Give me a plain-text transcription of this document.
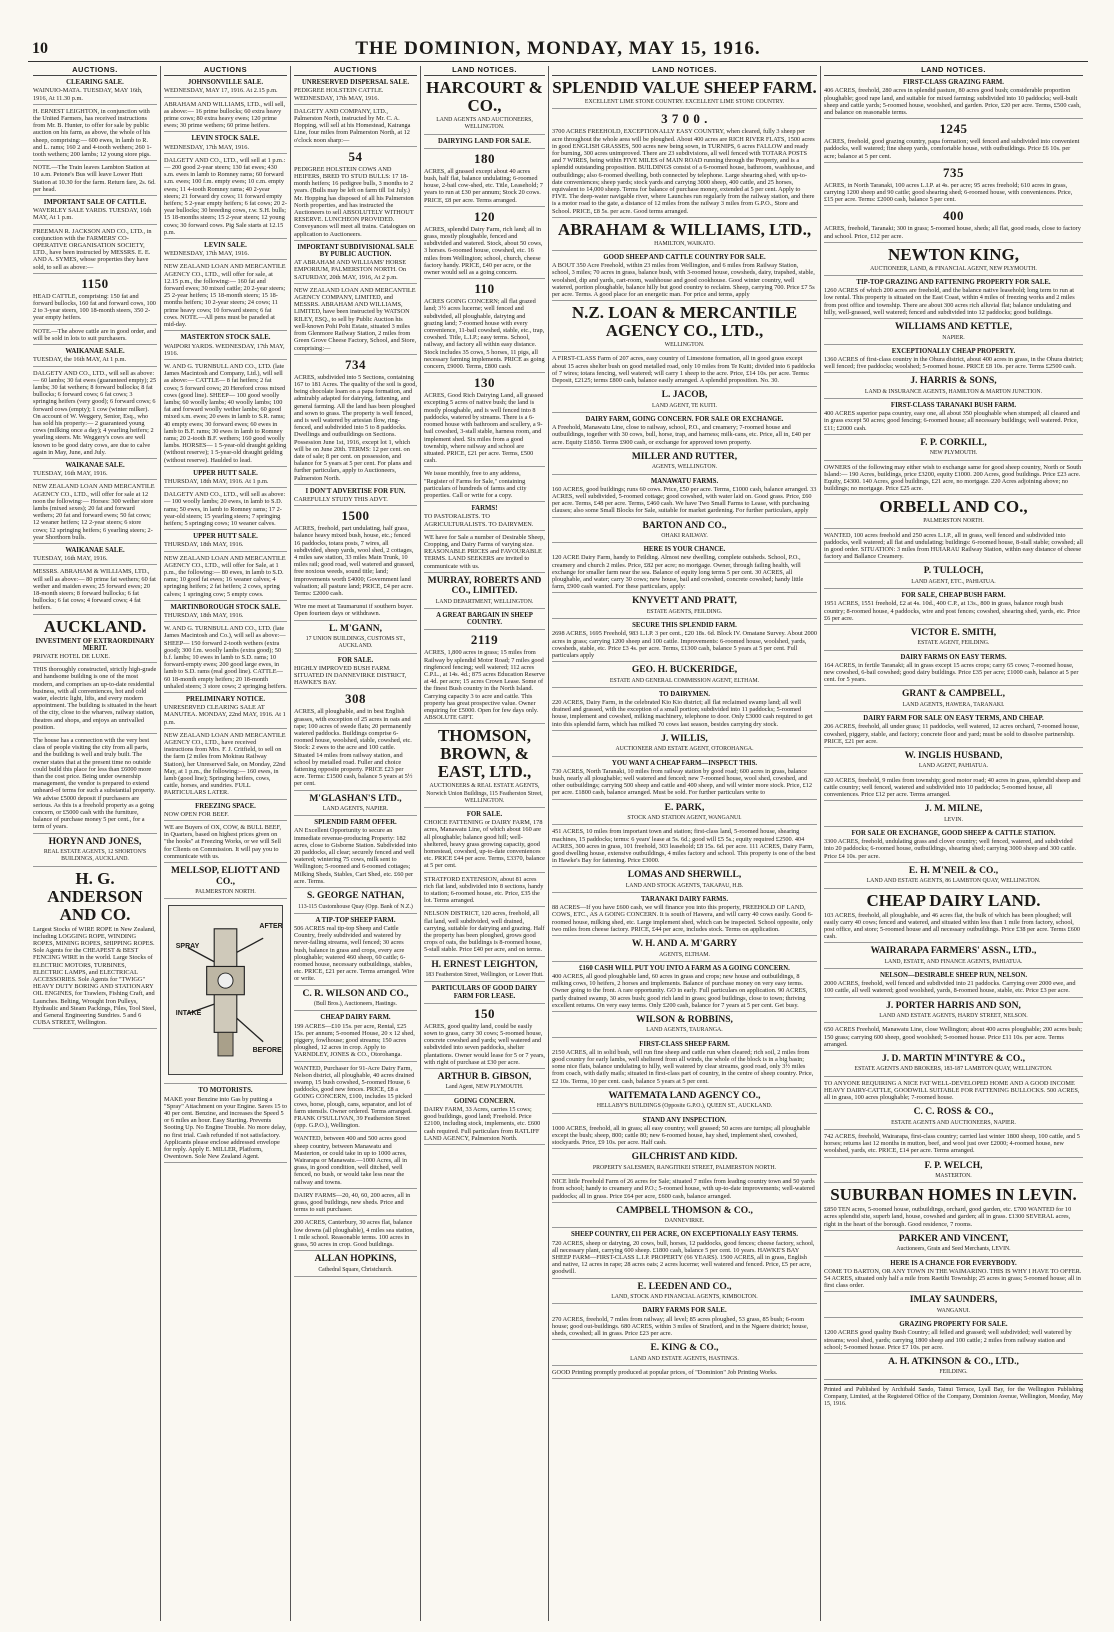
10	THE DOMINION, MONDAY, MAY 15, 1916.
AUCTIONS.
CLEARING SALE.
WAINUIO-MATA. TUESDAY, MAY 16th, 1916, At 11.30 p.m.
H. ERNEST LEIGHTON, in conjunction with the United Farmers, has received instructions from Mr. B. Hunter, to offer for sale by public auction on his farm, as above, the whole of his sheep, comprising:— 600 ewes, in lamb to R. and L. rams; 160 2 and 4-tooth wethers; 260 1-tooth wethers; 200 lambs; 12 young store pigs.
NOTE.—The Train leaves Lambton Station at 10 a.m. Petone's Bus will leave Lower Hutt Station at 10.30 for the farm. Return fare, 2s. 6d. per head.
IMPORTANT SALE OF CATTLE.
WAVERLEY SALE YARDS. TUESDAY, 16th MAY, At 1 p.m.
FREEMAN R. JACKSON AND CO., LTD., in conjunction with the FARMERS' CO-OPERATIVE ORGANISATION SOCIETY, LTD., have been instructed by MESSRS. E. E. AND A. SYMES, whose properties they have sold, to sell as above:—
1150
HEAD CATTLE, comprising: 150 fat and forward bullocks, 160 fat and forward cows, 100 2 to 3-year steers, 100 18-month steers, 350 2-year empty heifers.
NOTE.—The above cattle are in good order, and will be sold in lots to suit purchasers.
WAIKANAE SALE.
TUESDAY, the 16th MAY, At 1 p.m.
DALGETY AND CO., LTD., will sell as above:— 60 lambs; 30 fat ewes (guaranteed empty); 25 lambs; 30 fat wethers; 8 forward bullocks; 8 fat bullocks; 6 forward cows; 6 fat cows; 3 springing heifers (very good); 6 forward cows; 6 forward cows (empty); 1 cow (winter milker). On account of W. Weggery, Senior, Esq., who has sold his property:— 2 guaranteed young cows (milking once a day); 4 yearling heifers; 2 yearling steers. Mr. Weggery's cows are well known to be good dairy cows, are due to calve again in May, June, and July.
WAIKANAE SALE.
TUESDAY, 16th MAY, 1916.
NEW ZEALAND LOAN AND MERCANTILE AGENCY CO., LTD., will offer for sale at 12 noon the following:— Horses: 300 wether store lambs (mixed sexes); 20 fat and forward wethers; 20 fat and forward ewes; 50 fat cows; 12 weaner heifers; 12 2-year steers; 6 store cows; 12 springing heifers; 6 yearling steers; 2-year Shorthorn bulls.
WAIKANAE SALE.
TUESDAY, 16th MAY, 1916.
MESSRS. ABRAHAM & WILLIAMS, LTD., will sell as above:— 80 prime fat wethers; 60 fat wether and maiden ewes; 25 forward ewes; 20 18-month steers; 8 forward bullocks; 6 fat bullocks; 6 fat cows; 4 forward cows; 4 fat heifers.
AUCKLAND.
INVESTMENT OF EXTRAORDINARY MERIT.
PRIVATE HOTEL DE LUXE.
THIS thoroughly constructed, strictly high-grade and handsome building is one of the most modern, and comprises an up-to-date residential business, with all conveniences, hot and cold water, electric light, lifts, and every modern appointment. The building is situated in the heart of the city, close to the wharves, railway station, theatres and shops, and enjoys an unrivalled position.
The house has a connection with the very best class of people visiting the city from all parts, and the building is well and truly built. The owner states that at the present time no outside could build this place for less than £6000 more than the cost price. Being under ownership management, the vendor is prepared to extend unheard-of terms for such a substantial property. We advise £5000 deposit if purchasers are serious. As this is a freehold property as a going concern, or £5000 cash with the furniture, balance of purchase money 5 per cent., for a term of years.
HORYN AND JONES,
REAL ESTATE AGENTS, 12 SHORTON'S BUILDINGS, AUCKLAND.
H. G. ANDERSON AND CO.
Largest Stocks of WIRE ROPE in New Zealand, including LOGGING ROPE, WINDING ROPES, MINING ROPES, SHIPPING ROPES. Sole Agents for the CHEAPEST & BEST FENCING WIRE in the world. Large Stocks of ELECTRIC MOTORS, TURBINES, ELECTRIC LAMPS, and ELECTRICAL ACCESSORIES. Sole Agents for "TWIGG" HEAVY DUTY BORING AND STATIONARY OIL ENGINES, for Trawlers, Fishing Craft, and Launches. Belting, Wrought Iron Pulleys, Hydraulic and Steam Packings, Files, Tool Steel, and General Engineering Sundries. 5 and 6 CUBA STREET, Wellington.
AUCTIONS
JOHNSONVILLE SALE.
WEDNESDAY, MAY 17, 1916. At 2.15 p.m.
ABRAHAM AND WILLIAMS, LTD., will sell, as above:— 16 prime bullocks; 60 extra heavy prime cows; 80 extra heavy ewes; 120 prime ewes; 30 prime wethers; 60 prime heifers.
LEVIN STOCK SALE.
WEDNESDAY, 17th MAY, 1916.
DALGETY AND CO., LTD., will sell at 1 p.m.:— 200 good 2-year steers; 130 fat ewes; 430 s.m. ewes in lamb to Romney rams; 60 forward s.m. ewes; 100 f.m. empty ewes; 10 c.m. empty ewes; 11 4-tooth Romney rams; 40 2-year steers; 21 forward dry cows; 11 forward empty heifers; 5 2-year empty heifers; 6 fat cows; 20 2-year bullocks; 30 breeding cows, r.w. S.H. bulls; 15 18-months steers; 15 2-year steers; 12 young cows; 30 forward cows. Pig Sale starts at 12.15 p.m.
LEVIN SALE.
WEDNESDAY, 17th MAY, 1916.
NEW ZEALAND LOAN AND MERCANTILE AGENCY CO., LTD., will offer for sale, at 12.15 p.m., the following:— 160 fat and forward ewes; 30 mixed cattle; 20 2-year steers; 25 2-year heifers; 15 18-month steers; 15 18-months heifers; 10 2-year steers; 24 cows; 11 prime heavy cows; 10 forward steers; 6 fat cows. NOTE.—All pens must be paraded at mid-day.
MASTERTON STOCK SALE.
WAIPORI YARDS. WEDNESDAY, 17th MAY, 1916.
W. AND G. TURNBULL AND CO., LTD. (late James Macintosh and Company, Ltd.), will sell as above:— CATTLE— 8 fat heifers; 2 fat cows; 5 forward cows; 20 Hereford cross mixed cows (good line). SHEEP— 100 good woolly lambs; 60 woolly lambs; 40 woolly lambs; 100 fat and forward woolly wether lambs; 60 good mixed s.m. ewes; 20 ewes in lamb to S.R. rams; 40 empty ewes; 30 forward ewes; 60 ewes in lamb to B.F. rams; 30 ewes in lamb to Romney rams; 20 2-tooth B.F. wethers; 160 good woolly lambs. HORSES— 1 5-year-old draught gelding (without reserve); 1 5-year-old draught gelding (without reserve). Haulded to lead.
UPPER HUTT SALE.
THURSDAY, 18th MAY, 1916. At 1 p.m.
DALGETY AND CO., LTD., will sell as above:— 100 woolly lambs; 20 ewes, in lamb to S.D. rams; 50 ewes, in lamb to Romney rams; 17 2-year-old steers; 15 yearling steers; 7 springing heifers; 5 springing cows; 10 weaner calves.
UPPER HUTT SALE.
THURSDAY, 18th MAY, 1916.
NEW ZEALAND LOAN AND MERCANTILE AGENCY CO., LTD., will offer for Sale, at 1 p.m., the following:— 80 ewes, in lamb to S.D. rams; 10 good fat ewes; 16 weaner calves; 4 springing heifers; 2 fat heifers; 2 cows, spring calves; 1 springing cow; 5 empty cows.
MARTINBOROUGH STOCK SALE.
THURSDAY, 18th MAY, 1916.
W. AND G. TURNBULL AND CO., LTD. (late James Macintosh and Co.), will sell as above:— SHEEP— 150 forward 2-tooth wethers (extra good); 300 f.m. woolly lambs (extra good); 50 b.f. lambs; 10 ewes in lamb to S.D. rams; 10 forward-empty ewes; 200 good large ewes, in lamb to S.D. rams (real good line). CATTLE— 60 18-month empty heifers; 20 18-month unhaled steers; 3 store cows; 2 springing heifers.
PRELIMINARY NOTICE.
UNRESERVED CLEARING SALE AT MANUTEA. MONDAY, 22nd MAY, 1916. At 1 p.m.
NEW ZEALAND LOAN AND MERCANTILE AGENCY CO., LTD., have received instructions from Mrs. F. J. Critfield, to sell on the farm (2 miles from Mokirau Railway Station), her Unreserved Sale, on Monday, 22nd May, at 1 p.m., the following:— 160 ewes, in lamb (good line); Springing heifers, cows, cattle, horses, and sundries. FULL PARTICULARS LATER.
FREEZING SPACE.
NOW OPEN FOR BEEF.
WE are Buyers of OX, COW, & BULL BEEF, in Quarters, based on highest prices given on "the hooks" at Freezing Works, or we will Sell for Clients on Commission. It will pay you to communicate with us.
MELLSOP, ELIOTT AND CO.,
PALMERSTON NORTH.
AFTER
SPRAY
INTAKE
BEFORE
TO MOTORISTS.
MAKE your Benzine into Gas by putting a "Spray" Attachment on your Engine. Saves 15 to 40 per cent. Benzine, and increases the Speed 5 or 6 miles an hour. Easy Starting. Prevents Sooting Up. No Engine Trouble. No more delay, no first trial. Cash refunded if not satisfactory. Applicants please enclose addressed envelope for reply. Apply E. MILLER, Platform, Owentown. Sole New Zealand Agent.
AUCTIONS
UNRESERVED DISPERSAL SALE.
PEDIGREE HOLSTEIN CATTLE. WEDNESDAY, 17th MAY, 1916.
DALGETY AND COMPANY, LTD., Palmerston North, instructed by Mr. C. A. Hopping, will sell at his Homestead, Kairanga Line, four miles from Palmerston North, at 12 o'clock noon sharp:—
54
PEDIGREE HOLSTEIN COWS AND HEIFERS, BRED TO STUD BULLS: 17 18-month heifers; 16 pedigree bulls, 3 months to 2 years. (Bulls may be left on farm till 1st July.) Mr. Hopping has disposed of all his Palmerston North properties, and has instructed the Auctioneers to sell ABSOLUTELY WITHOUT RESERVE. LUNCHEON PROVIDED. Conveyances will meet all trains. Catalogues on application to Auctioneers.
IMPORTANT SUBDIVISIONAL SALE BY PUBLIC AUCTION.
AT ABRAHAM AND WILLIAMS' HORSE EMPORIUM, PALMERSTON NORTH. On SATURDAY, 20th MAY, 1916, At 2 p.m.
NEW ZEALAND LOAN AND MERCANTILE AGENCY COMPANY, LIMITED, and MESSRS. ABRAHAM AND WILLIAMS, LIMITED, have been instructed by WATSON RILEY, ESQ., to sell by Public Auction his well-known Pohi Pohi Estate, situated 3 miles from Glenmore Railway Station, 2 miles from Green Grove Cheese Factory, School, and Store, comprising:—
734
ACRES, subdivided into 5 Sections, containing 167 to 181 Acres. The quality of the soil is good, being chocolate loam on a papa formation, and admirably adapted for dairying, fattening, and general farming. All the land has been ploughed and sown to grass. The property is well fenced, and is well watered by artesian flow, ring-fenced, and subdivided into 5 to 8 paddocks. Dwellings and outbuildings on Sections. Possession June 1st, 1916, except lot 1, which will be on June 20th. TERMS: 12 per cent. on date of sale; 8 per cent. on possession, and balance for 5 years at 5 per cent. For plans and further particulars, apply to Auctioneers, Palmerston North.
I DON'T ADVERTISE FOR FUN.
CAREFULLY STUDY THIS ADVT.
1500
ACRES, freehold, part undulating, half grass, balance heavy mixed bush, house, etc.; fenced 16 paddocks, totara posts, 7 wires, all subdivided, sheep yards, wool shed, 2 cottages, 4 miles saw station, 33 miles Main Trunk, 10 miles rail; good road, well watered and grassed, free noxious weeds, sound title; land; improvements worth £4000; Government land valuation; all pasture land; PRICE, £4 per acre. Terms: £2000 cash.
Wire me meet at Taumarunui if southern buyer. Open fourteen days or withdrawn.
L. M'GANN,
17 UNION BUILDINGS, CUSTOMS ST., AUCKLAND.
FOR SALE.
HIGHLY IMPROVED BUSH FARM. SITUATED IN DANNEVIRKE DISTRICT, HAWKE'S BAY.
308
ACRES, all ploughable, and in best English grasses, with exception of 25 acres in oats and rape; 100 acres of swede flats; 20 permanently watered paddocks. Buildings comprise 6-roomed house, woolshed, stable, cowshed, etc. Stock: 2 ewes to the acre and 100 cattle. Situated 14 miles from railway station, and school by metalled road. Fuller and choice fattening opposite property. PRICE £23 per acre. Terms: £1500 cash, balance 5 years at 5½ per cent.
M'GLASHAN'S LTD.,
LAND AGENTS, NAPIER.
SPLENDID FARM OFFER.
AN Excellent Opportunity to secure an immediate revenue-producing Property: 182 acres, close to Gisborne Station. Subdivided into 20 paddocks, all clear; securely fenced and well watered; wintering 75 cows, milk sent to Wellington; 5-roomed and 6-roomed cottages; Milking Sheds, Stables, Cart Shed, etc. £60 per acre. Terms.
S. GEORGE NATHAN,
113-115 Customhouse Quay (Opp. Bank of N.Z.)
A TIP-TOP SHEEP FARM.
506 ACRES real tip-top Sheep and Cattle Country, freely subdivided and watered by never-failing streams, well fenced; 30 acres bush, balance in grass and crops, every acre ploughable; watered 460 sheep, 60 cattle; 6-roomed house, necessary outbuildings, stables, etc. PRICE, £21 per acre. Terms arranged. Wire or write.
C. R. WILSON AND CO.,
(Bull Bros.), Auctioneers, Hastings.
CHEAP DAIRY FARM.
199 ACRES—£10 15s. per acre, Rental, £25 15s. per annum; 5-roomed House, 20 x 12 shed, piggery, fowlhouse; good streams; 150 acres ploughed, 12 acres in crop. Apply to YARNDLEY, JONES & CO., Otorohanga.
WANTED, Purchaser for 91-Acre Dairy Farm, Nelson district, all ploughable, 40 acres drained swamp, 15 bush cowshed, 5-roomed House, 6 paddocks, good new fences. PRICE, £8 a GOING CONCERN, £100, includes 15 picked cows, horse, plough, cans, separator, and lot of farm utensils. Owner ordered. Terms arranged. FRANK O'SULLIVAN, 39 Featherston Street (opp. G.P.O.), Wellington.
WANTED, between 400 and 500 acres good sheep country, between Manawatu and Masterton, or could take in up to 1000 acres, Wairarapa or Manawatu.—1000 Acres, all in grass, in good condition, well ditched, well fenced, no bush, or would take less near the railway and towns.
DAIRY FARMS—20, 40, 60, 200 acres, all in grass, good buildings, new sheds. Price and terms to suit purchaser.
200 ACRES, Canterbury, 30 acres flat, balance low downs (all ploughable), 4 miles sea station, 1 mile school. Reasonable terms. 100 acres in grass, 50 acres in crop. Good buildings.
ALLAN HOPKINS,
Cathedral Square, Christchurch.
LAND NOTICES.
HARCOURT & CO.,
LAND AGENTS AND AUCTIONEERS, WELLINGTON.
DAIRYING LAND FOR SALE.
180
ACRES, all grassed except about 40 acres bush, half flat, balance undulating; 6-roomed house, 2-bail cow-shed, etc. Title, Leasehold; 7 years to run at £30 per annum; Stock 20 cows. PRICE, £8 per acre. Terms arranged.
120
ACRES, splendid Dairy Farm, rich land; all in grass, mostly ploughable, fenced and subdivided and watered. Stock, about 50 cows, 3 horses. 6-roomed house, cowshed, etc. 16 miles from Wellington; school, church, cheese factory handy. PRICE, £40 per acre, or the owner would sell as a going concern.
110
ACRES GOING CONCERN; all flat grazed land; 3½ acres lucerne; well fenced and subdivided, all ploughable, dairying and grazing land; 7-roomed house with every convenience, 11-bail cowshed, stable, etc., trap, cowshed. Title, L.I.P.; easy terms. School, railway, and factory all within easy distance. Stock includes 35 cows, 5 horses, 11 pigs, all necessary farming implements. PRICE as going concern, £9000. Terms, £800 cash.
130
ACRES, Good Rich Dairying Land, all grassed excepting 5 acres of native bush; the land is mostly ploughable, and is well fenced into 8 paddocks, watered by streams. There is a 6-roomed house with bathroom and scullery, a 9-bail cowshed, 3-stall stable, harness room, and implement shed. Six miles from a good township, where railway and school are situated. PRICE, £21 per acre. Terms, £500 cash.
We issue monthly, free to any address, "Register of Farms for Sale," containing particulars of hundreds of farms and city properties. Call or write for a copy.
FARMS!
TO PASTORALISTS. TO AGRICULTURALISTS. TO DAIRYMEN.
WE have for Sale a number of Desirable Sheep, Cropping, and Dairy Farms of varying size. REASONABLE PRICES and FAVOURABLE TERMS. LAND SEEKERS are invited to communicate with us.
MURRAY, ROBERTS AND CO., LIMITED.
LAND DEPARTMENT, WELLINGTON.
A GREAT BARGAIN IN SHEEP COUNTRY.
2119
ACRES, 1,800 acres in grass; 15 miles from Railway by splendid Motor Road; 7 miles good ringfenced fencing; well watered; 112 acres C.P.L., at 14s. 4d.; 875 acres Education Reserve at 4d. per acre; 15 acres Crown Lease. Some of the finest Bush country in the North Island. Carrying capacity 3 to acre and cattle. This property has great prospective value. Owner enquiring for £5000. Open for few days only. ABSOLUTE GIFT.
THOMSON, BROWN, & EAST, LTD.,
AUCTIONEERS & REAL ESTATE AGENTS, Norwich Union Buildings, 115 Featherston Street, WELLINGTON.
FOR SALE.
CHOICE FATTENING or DAIRY FARM, 178 acres, Manawatu Line, of which about 160 are all ploughable; balance good hill; well-sheltered, heavy grass growing capacity, good homestead, cowshed, up-to-date conveniences etc. PRICE £44 per acre. Terms, £3370, balance at 5 per cent.
STRATFORD EXTENSION, about 81 acres rich flat land, subdivided into 8 sections, handy to station; 6-roomed house, etc. Price, £35 the lot. Terms arranged.
NELSON DISTRICT, 120 acres, freehold, all flat land, well subdivided, well drained, carrying, suitable for dairying and grazing. Half the property has been ploughed, grows good crops of oats, the buildings is 8-roomed house, 5-stall stable. Price £40 per acre, and on terms.
H. ERNEST LEIGHTON,
183 Featherston Street, Wellington, or Lower Hutt.
PARTICULARS OF GOOD DAIRY FARM FOR LEASE.
150
ACRES, good quality land, could be easily sown to grass, carry 30 cows; 5-roomed house, concrete cowshed and yards; well watered and subdivided into seven paddocks, shelter plantations. Owner would lease for 5 or 7 years, with right of purchase at £30 per acre.
ARTHUR B. GIBSON,
Land Agent, NEW PLYMOUTH.
GOING CONCERN.
DAIRY FARM, 33 Acres, carries 15 cows; good buildings, good land; Freehold. Price £2100, including stock, implements, etc. £600 cash required. Full particulars from RATLIFF LAND AGENCY, Palmerston North.
LAND NOTICES.
SPLENDID VALUE SHEEP FARM.
EXCELLENT LIME STONE COUNTRY. EXCELLENT LIME STONE COUNTRY.
3 7 0 0 .
3700 ACRES FREEHOLD, EXCEPTIONALLY EASY COUNTRY, when cleared, fully 3 sheep per acre throughout the whole area will be ploughed. About 400 acres are RICH RIVER FLATS, 1500 acres in good ENGLISH GRASSES, 500 acres new being sown, in TURNIPS, 6 acres FALLOW and ready for burning, 300 acres unimproved. There are 23 subdivisions, all well fenced with TOTARA POSTS and 7 WIRES, being within FIVE MILES of MAIN ROAD running through the Property, and is a splendid outstanding proposition. BUILDINGS consist of a 6-roomed house, bathroom, washhouse, and outbuildings; also 6-roomed dwelling, both connected by telephone. Large shearing shed, with up-to-date conveniences; sheep yards; stock yards and carrying 3000 sheep, 400 cattle, and 25 horses, equivalent to 14,000 sheep. Terms for balance of purchase money, extended at 5 per cent. Apply to FIVE. The deep-water navigable river, where Launches run regularly from the railway station, and there is a motor road to the gate, a distance of 12 miles from the railway 3 miles from G.P.O., Store and School. PRICE, £8 5s. per acre. Good terms arranged.
ABRAHAM & WILLIAMS, LTD.,
HAMILTON, WAIKATO.
GOOD SHEEP AND CATTLE COUNTRY FOR SALE.
A BOUT 350 Acre Freehold, within 23 miles from Wellington, and 6 miles from Railway Station, school, 3 miles; 70 acres in grass, balance bush, with 3-roomed house, cowsheds, dairy, trapshed, stable, woolshed, dip and yards, cart-room, washhouse and good cookhouse. Good winter country, well watered, portion ploughable, balance hilly but good country to reclaim. Sheep, carrying 700. Price £7 5s per acre. Terms. A good place for an energetic man. For price and terms, apply
N.Z. LOAN & MERCANTILE AGENCY CO., LTD.,
WELLINGTON.
A FIRST-CLASS Farm of 207 acres, easy country of Limestone formation, all in good grass except about 15 acres shelter bush on good metalled road, only 10 miles from Te Kuiti; divided into 6 paddocks of 7 wires; totara fencing, well watered; will carry 1 sheep to the acre. Price, £14 10s. per acre. Terms: Deposit, £2125; terms £800 cash, balance easily arranged. A splendid proposition. No. 30.
L. JACOB,
LAND AGENT, TE KUITI.
DAIRY FARM, GOING CONCERN. FOR SALE OR EXCHANGE.
A Freehold, Manawatu Line, close to railway, school, P.O., and creamery; 7-roomed house and outbuildings, together with 30 cows, bull, horse, trap, and harness; milk-cans, etc. Price, all in, £40 per acre. Equity £1850. Terms £900 cash, or exchange for approved town property.
MILLER AND RUTTER,
AGENTS, WELLINGTON.
MANAWATU FARMS.
160 ACRES, good buildings; runs 60 cows. Price, £50 per acre. Terms, £1000 cash, balance arranged. 33 ACRES, well subdivided, 5-roomed cottage; good cowshed, with water laid on. Good grass. Price, £60 per acre. Terms, £48 per acre. Terms, £460 cash. We have Two Small Farms to Lease, with purchasing clauses; also some Small Blocks for Sale, suitable for market gardening. For further particulars, apply
BARTON AND CO.,
OHAKI RAILWAY.
HERE IS YOUR CHANCE.
120 ACRE Dairy Farm, handy to Feilding. Almost new dwelling, complete outsheds. School, P.O., creamery and church 2 miles. Price, £82 per acre; no mortgage. Owner, through failing health, will exchange for smaller farm near the sea. Balance of equity long terms 5 per cent. 30 ACRES, all ploughable, and water; carry 30 cows; new house, bail and cowshed, concrete cowshed; handy little farm, £900 cash wanted. For these particulars, apply:
KNYVETT AND PRATT,
ESTATE AGENTS, FEILDING.
SECURE THIS SPLENDID FARM.
2698 ACRES, 1695 Freehold, 983 L.I.P. 3 per cent., £20 18s. 6d. Block IV. Omatane Survey. About 2000 acres in grass; carrying 1200 sheep and 100 cattle. Improvements: 6-roomed house, woolshed, yards, cowsheds, stable, etc. Price £3 4s. per acre. Terms, £1300 cash, balance 5 years at 5 per cent. Full particulars apply
GEO. H. BUCKERIDGE,
ESTATE AND GENERAL COMMISSION AGENT, ELTHAM.
TO DAIRYMEN.
220 ACRES, Dairy Farm, in the celebrated Kio Kio district; all flat reclaimed swamp land; all well drained and grassed, with the exception of a small portion; subdivided into 11 paddocks; 5-roomed house, implement and cowshed, milking machinery, telephone to door. Only £3000 cash required to get into this splendid farm, which has milked 70 cows last season, besides carrying dry stock.
J. WILLIS,
AUCTIONEER AND ESTATE AGENT, OTOROHANGA.
YOU WANT A CHEAP FARM—INSPECT THIS.
730 ACRES, North Taranaki, 10 miles from railway station by good road; 600 acres in grass, balance bush, nearly all ploughable; well watered and fenced; new 7-roomed house, wool shed, cowshed, and other outbuildings; carrying 500 sheep and cattle and 400 sheep, and will winter more stock. Price, £12 per acre. £1800 cash, balance arranged. Must be sold. For further particulars write to
E. PARK,
STOCK AND STATION AGENT, WANGANUI.
451 ACRES, 10 miles from important town and station; first-class land, 5-roomed house, shearing machines, 15 paddocks; terms: 6 years' lease at 5s. 6d.; good will £5 5s.; equity required £2500. 404 ACRES, 300 acres in grass, 101 freehold, 303 leasehold; £8 15s. 6d. per acre. 111 ACRES, Dairy Farm, good dwelling house, extensive outbuildings, 4 miles factory and school. This property is one of the best in Hawke's Bay for fattening. Price £3000.
LOMAS AND SHERWILL,
LAND AND STOCK AGENTS, TAKAPAU, H.B.
TARANAKI DAIRY FARMS.
88 ACRES—If you have £600 cash, we will finance you into this property, FREEHOLD OF LAND, COWS, ETC., AS A GOING CONCERN. It is south of Hawera, and will carry 40 cows easily. Good 6-roomed house, milking shed, etc. Large implement shed, which can be inspected. School opposite, only two miles from cheese factory. PRICE, £44 per acre, includes stock. Terms on application.
W. H. AND A. M'GARRY
AGENTS, ELTHAM.
£160 CASH WILL PUT YOU INTO A FARM AS A GOING CONCERN.
400 ACRES, all good ploughable land, 60 acres in grass and crops; new house and outbuildings, 8 milking cows, 10 heifers, 2 horses and implements. Balance of purchase money on very easy terms. Owner going to the front. A rare opportunity. GO in early. Full particulars on application. 90 ACRES, partly drained swamp, 30 acres bush; good rich land in grass; good buildings, close to town; thriving excellent returns. On very easy terms. Only £200 cash, balance for 7 years at 5 per cent. Get busy.
WILSON & ROBBINS,
LAND AGENTS, TAURANGA.
FIRST-CLASS SHEEP FARM.
2150 ACRES, all in solid bush, will run fine sheep and cattle run when cleared; rich soil, 2 miles from good country for early lambs, well sheltered from all winds, the whole of the block is in a big basin; some nice flats, balance undulating to hilly, well watered by clear streams, good road, only 3½ miles from coach, with daily mails; situated in first-class part of country, in the centre of sheep country. Price, £2 10s. Terms, 10 per cent. cash, balance 5 years at 5 per cent.
WAITEMATA LAND AGENCY CO.,
HELLABY'S BUILDINGS (Opposite G.P.O.), QUEEN ST., AUCKLAND.
STAND ANY INSPECTION.
1000 ACRES, freehold, all in grass; all easy country; well grassed; 50 acres are turnips; all ploughable except the bush; sheep, 800; cattle 80; new 6-roomed house, hay shed, implement shed, cowshed, stockyards. Price, £9 10s. per acre. Half cash.
GILCHRIST AND KIDD.
PROPERTY SALESMEN, RANGITIKEI STREET, PALMERSTON NORTH.
NICE little Freehold Farm of 26 acres for Sale; situated 7 miles from leading country town and 50 yards from school; handy to creamery and P.O.; 5-roomed house, with up-to-date improvements; well-watered paddocks; all in grass. Price £64 per acre, £600 cash, balance arranged.
CAMPBELL THOMSON & CO.,
DANNEVIRKE.
SHEEP COUNTRY, £11 PER ACRE, ON EXCEPTIONALLY EASY TERMS.
720 ACRES, sheep or dairying, 20 cows, bull, horses, 12 paddocks, good fences; cheese factory, school, all necessary plant, carrying 600 sheep. £1800 cash, balance 5 per cent. 10 years. HAWKE'S BAY SHEEP FARM—FIRST-CLASS L.I.P. PROPERTY (66 YEARS). 1500 ACRES, all in grass, English and native, 12 acres in rape; 28 acres oats; 2 acres lucerne; well watered and fenced. Price, £5 per acre, goodwill.
E. LEEDEN AND CO.,
LAND, STOCK AND FINANCIAL AGENTS, KIMBOLTON.
DAIRY FARMS FOR SALE.
270 ACRES, freehold, 7 miles from railway; all level; 85 acres ploughed, 53 grass, 85 bush; 6-room house; good out-buildings. 680 ACRES, within 3 miles of Stratford, and in the Ngaere district; house, sheds, cowshed; all in grass. Price £23 per acre.
E. KING & CO.,
LAND AND ESTATE AGENTS, HASTINGS.
GOOD Printing promptly produced at popular prices, of "Dominion" Job Printing Works.
LAND NOTICES.
FIRST-CLASS GRAZING FARM.
406 ACRES, freehold, 280 acres in splendid pasture, 80 acres good bush; considerable proportion ploughable; good rape land, and suitable for mixed farming; subdivided into 10 paddocks; well-built sheep and cattle yards; 5-roomed house, woolshed, and garden. Price, £20 per acre. Terms, £500 cash, and balance on reasonable terms.
1245
ACRES, freehold, good grazing country, papa formation; well fenced and subdivided into convenient paddocks, well watered; fine sheep yards, comfortable house, with outbuildings. Price £6 10s. per acre; balance at 5 per cent.
735
ACRES, in North Taranaki, 100 acres L.I.P. at 4s. per acre; 95 acres freehold; 610 acres in grass, carrying 1200 sheep and 90 cattle; good shearing shed; 6-roomed house, with conveniences. Price, £15 per acre. Terms: £2000 cash, balance 5 per cent.
400
ACRES, freehold, Taranaki; 300 in grass; 5-roomed house, sheds; all flat, good roads, close to factory and school. Price, £12 per acre.
NEWTON KING,
AUCTIONEER, LAND, & FINANCIAL AGENT, NEW PLYMOUTH.
TIP-TOP GRAZING AND FATTENING PROPERTY FOR SALE.
1260 ACRES of which 200 acres are freehold, and the balance native leasehold; long term to run at low rental. This property is situated on the East Coast, within 4 miles of freezing works and 2 miles from post office and township. There are about 300 acres rich alluvial flat; balance undulating and hilly, well-grassed, well watered; fenced and subdivided into 12 paddocks; good buildings.
WILLIAMS AND KETTLE,
NAPIER.
EXCEPTIONALLY CHEAP PROPERTY.
1360 ACRES of first-class country in the Ohura district, about 400 acres in grass, in the Ohura district; well fenced; five paddocks; woolshed; 5-roomed house. PRICE £8 10s. per acre. Terms £2500 cash.
J. HARRIS & SONS,
LAND & INSURANCE AGENTS, HAMILTON & MARTON JUNCTION.
FIRST-CLASS TARANAKI BUSH FARM.
400 ACRES superior papa country, easy one, all about 350 ploughable when stumped; all cleared and in grass except 50 acres; good fencing; 6-roomed house; all necessary buildings; well watered. Price, £11; £2000 cash.
F. P. CORKILL,
NEW PLYMOUTH.
OWNERS of the following may either wish to exchange same for good sheep country, North or South Island:— 190 Acres, buildings, price £3200, equity £1000. 200 Acres, good buildings. Price £23 acre. Equity, £4300. 140 Acres, good buildings, £21 acre, no mortgage. 220 Acres adjoining above; no buildings; no mortgage. Price £25 acre.
ORBELL AND CO.,
PALMERSTON NORTH.
WANTED, 100 acres freehold and 250 acres L.I.P., all in grass, well fenced and subdivided into paddocks, well watered; all flat and undulating; buildings: 6-roomed house, 8-stall stable; cowshed; all in good order. SITUATION: 3 miles from HUIARAU Railway Station, within easy distance of cheese factory and Ballance Creamery.
P. TULLOCH,
LAND AGENT, ETC., PAHIATUA.
FOR SALE, CHEAP BUSH FARM.
1951 ACRES, 1551 freehold, £2 at 4s. 10d., 400 C.P., at 13s., 800 in grass, balance rough bush country; 8-roomed house, 4 paddocks, wire and post fences; cowshed, shearing shed, yards, etc. Price £6 per acre.
VICTOR E. SMITH,
ESTATE AGENT, FEILDING.
DAIRY FARMS ON EASY TERMS.
164 ACRES, in fertile Taranaki; all in grass except 15 acres crops; carry 65 cows; 7-roomed house, new cowshed, 6-bail cowshed; good dairy buildings. Price £35 per acre; £1000 cash, balance at 5 per cent. for 5 years.
GRANT & CAMPBELL,
LAND AGENTS, HAWERA, TARANAKI.
DAIRY FARM FOR SALE ON EASY TERMS, AND CHEAP.
206 ACRES, freehold, all under grass; 11 paddocks, well watered, 12 acres orchard, 7-roomed house, cowshed, piggery, stable, and factory; concrete floor and yard; must be sold to dissolve partnership. PRICE, £21 per acre.
W. INGLIS HUSBAND,
LAND AGENT, PAHIATUA.
620 ACRES, freehold, 9 miles from township; good motor road; 40 acres in grass, splendid sheep and cattle country; well fenced, watered and subdivided into 10 paddocks; 5-roomed house, all conveniences. Price £12 per acre. Terms arranged.
J. M. MILNE,
LEVIN.
FOR SALE OR EXCHANGE, GOOD SHEEP & CATTLE STATION.
3300 ACRES, freehold, undulating grass and clover country; well fenced, watered, and subdivided into 20 paddocks; 6-roomed house, outbuildings, shearing shed; carrying 3000 sheep and 300 cattle. Price £4 10s. per acre.
E. H. M'NEIL & CO.,
LAND AND ESTATE AGENTS, 86 LAMBTON QUAY, WELLINGTON.
CHEAP DAIRY LAND.
103 ACRES, freehold, all ploughable, and 46 acres flat, the bulk of which has been ploughed; will easily carry 40 cows; fenced and watered, and situated within less than 1 mile from factory, school, post office, and store; 5-roomed house and all necessary outbuildings. Price £38 per acre. Terms £600 cash.
WAIRARAPA FARMERS' ASSN., LTD.,
LAND, ESTATE, AND FINANCE AGENTS, PAHIATUA.
NELSON—DESIRABLE SHEEP RUN, NELSON.
2000 ACRES, freehold, well fenced and subdivided into 21 paddocks. Carrying over 2000 ewe, and 100 cattle, all well watered; good woolshed, yards, 8-roomed house, stable, etc. Price £3 per acre.
J. PORTER HARRIS AND SON,
LAND AND ESTATE AGENTS, HARDY STREET, NELSON.
650 ACRES Freehold, Manawatu Line, close Wellington; about 400 acres ploughable; 200 acres bush; 150 grass; carrying 600 sheep, good woolshed; 5-roomed house. Price £11 10s. per acre. Terms arranged.
J. D. MARTIN M'INTYRE & CO.,
ESTATE AGENTS AND BROKERS, 183-187 LAMBTON QUAY, WELLINGTON.
TO ANYONE REQUIRING A NICE FAT WELL-DEVELOPED HOME AND A GOOD INCOME HEAVY DAIRY-CATTLE, GOODWILL SUITABLE FOR FATTENING BULLOCKS. 500 ACRES, all in grass, 100 acres ploughable; 7-roomed house.
C. C. ROSS & CO.,
ESTATE AGENTS AND AUCTIONEERS, NAPIER.
742 ACRES, freehold, Wairarapa, first-class country; carried last winter 1800 sheep, 100 cattle, and 5 horses; returns last 12 months in mutton, beef, and wool just over £2000; 4-roomed house, new woolshed, yards, etc. PRICE, £14 per acre. Terms arranged.
F. P. WELCH,
MASTERTON.
SUBURBAN HOMES IN LEVIN.
£850 TEN acres, 5-roomed house, outbuildings, orchard, good garden, etc. £700 WANTED for 10 acres splendid site, superb land, house, cowshed and garden; all in grass. £1300 SEVERAL acres, right in the heart of the borough. Good residence, 7 rooms.
PARKER AND VINCENT,
Auctioneers, Grain and Seed Merchants, LEVIN.
HERE IS A CHANCE FOR EVERYBODY.
COME TO BARTON, OR ANY TOWN IN THE WAIMARINO. THIS IS WHY I HAVE TO OFFER. 54 ACRES, situated only half a mile from Raetihi Township; 25 acres in grass; 5-roomed house; all in first class order.
IMLAY SAUNDERS,
WANGANUI.
GRAZING PROPERTY FOR SALE.
1200 ACRES good quality Bush Country; all felled and grassed; well subdivided; well watered by streams; wool shed, yards; carrying 1800 sheep and 100 cattle; 2 miles from railway station and school; 5-roomed house. Price £7 10s. per acre.
A. H. ATKINSON & CO., LTD.,
FEILDING.
Printed and Published by Archibald Sando, Tainui Terrace, Lyall Bay, for the Wellington Publishing Company, Limited, at the Registered Office of the Company, Dominion Avenue, Wellington, Monday, May 15, 1916.
